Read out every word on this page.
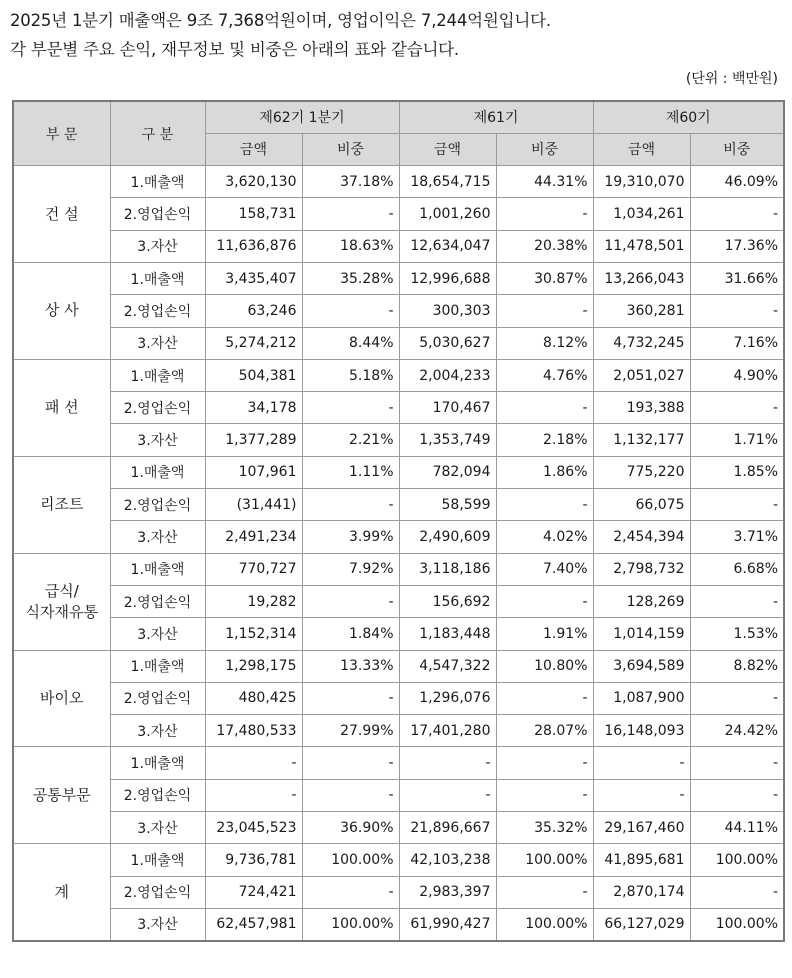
2025년 1분기 매출액은 9조 7,368억원이며, 영업이익은 7,244억원입니다.
각 부문별 주요 손익, 재무정보 및 비중은 아래의 표와 같습니다.
(단위 : 백만원)
부 문	구 분	제62기 1분기		제61기		제60기	
		금액	비중	금액	비중	금액	비중
건 설	1.매출액	3,620,130	37.18%	18,654,715	44.31%	19,310,070	46.09%
	2.영업손익	158,731	-	1,001,260	-	1,034,261	-
	3.자산	11,636,876	18.63%	12,634,047	20.38%	11,478,501	17.36%
상 사	1.매출액	3,435,407	35.28%	12,996,688	30.87%	13,266,043	31.66%
	2.영업손익	63,246	-	300,303	-	360,281	-
	3.자산	5,274,212	8.44%	5,030,627	8.12%	4,732,245	7.16%
패 션	1.매출액	504,381	5.18%	2,004,233	4.76%	2,051,027	4.90%
	2.영업손익	34,178	-	170,467	-	193,388	-
	3.자산	1,377,289	2.21%	1,353,749	2.18%	1,132,177	1.71%
리조트	1.매출액	107,961	1.11%	782,094	1.86%	775,220	1.85%
	2.영업손익	(31,441)	-	58,599	-	66,075	-
	3.자산	2,491,234	3.99%	2,490,609	4.02%	2,454,394	3.71%
급식/
식자재유통	1.매출액	770,727	7.92%	3,118,186	7.40%	2,798,732	6.68%
	2.영업손익	19,282	-	156,692	-	128,269	-
	3.자산	1,152,314	1.84%	1,183,448	1.91%	1,014,159	1.53%
바이오	1.매출액	1,298,175	13.33%	4,547,322	10.80%	3,694,589	8.82%
	2.영업손익	480,425	-	1,296,076	-	1,087,900	-
	3.자산	17,480,533	27.99%	17,401,280	28.07%	16,148,093	24.42%
공통부문	1.매출액	-	-	-	-	-	-
	2.영업손익	-	-	-	-	-	-
	3.자산	23,045,523	36.90%	21,896,667	35.32%	29,167,460	44.11%
계	1.매출액	9,736,781	100.00%	42,103,238	100.00%	41,895,681	100.00%
	2.영업손익	724,421	-	2,983,397	-	2,870,174	-
	3.자산	62,457,981	100.00%	61,990,427	100.00%	66,127,029	100.00%
